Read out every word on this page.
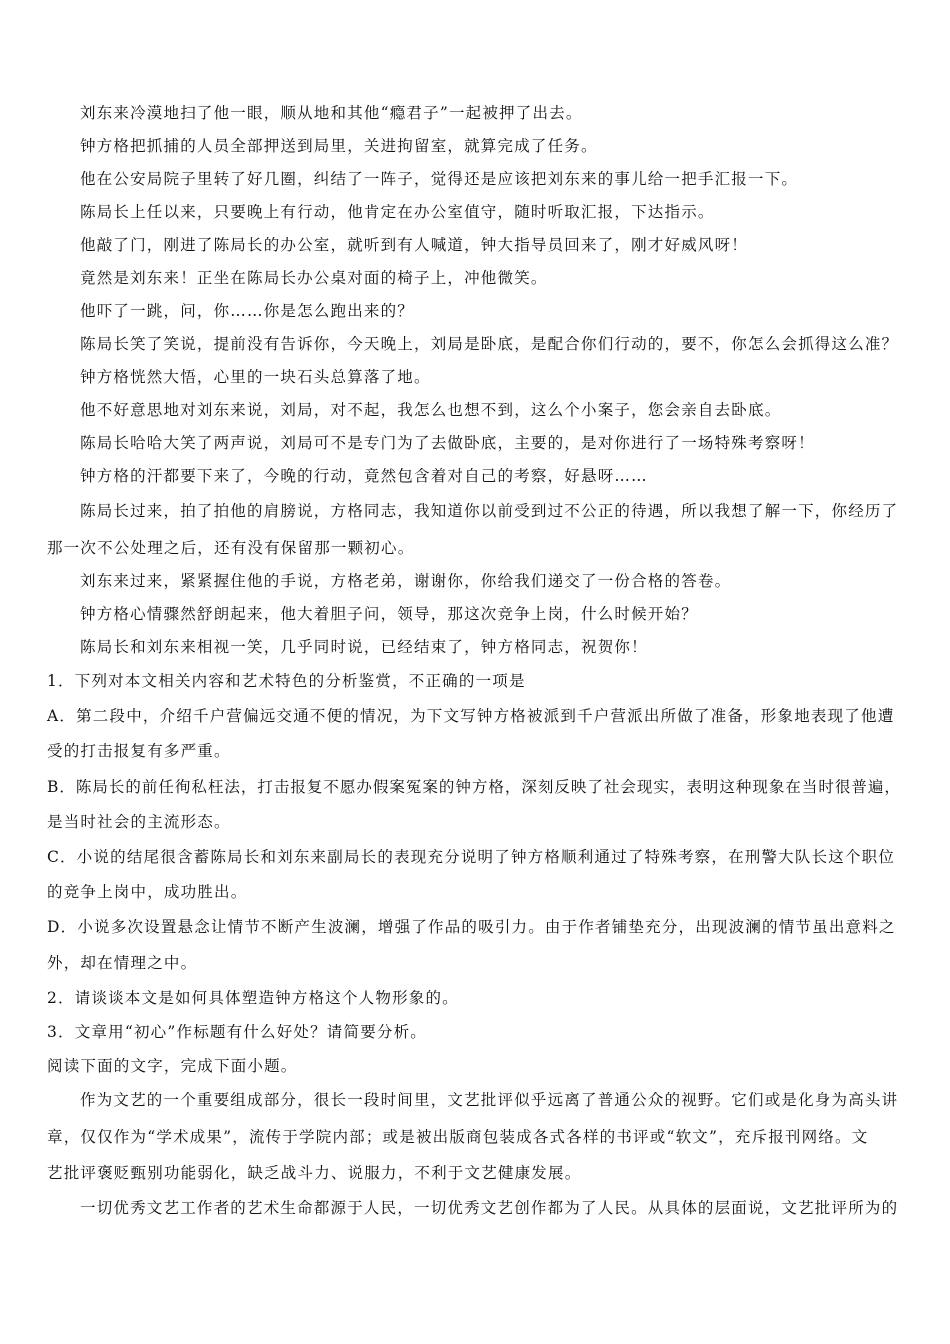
刘东来冷漠地扫了他一眼，顺从地和其他“瘾君子”一起被押了出去。

钟方格把抓捕的人员全部押送到局里，关进拘留室，就算完成了任务。

他在公安局院子里转了好几圈，纠结了一阵子，觉得还是应该把刘东来的事儿给一把手汇报一下。

陈局长上任以来，只要晚上有行动，他肯定在办公室值守，随时听取汇报，下达指示。

他敲了门，刚进了陈局长的办公室，就听到有人喊道，钟大指导员回来了，刚才好威风呀！

竟然是刘东来！正坐在陈局长办公桌对面的椅子上，冲他微笑。

他吓了一跳，问，你……你是怎么跑出来的？

陈局长笑了笑说，提前没有告诉你，今天晚上，刘局是卧底，是配合你们行动的，要不，你怎么会抓得这么准？

钟方格恍然大悟，心里的一块石头总算落了地。

他不好意思地对刘东来说，刘局，对不起，我怎么也想不到，这么个小案子，您会亲自去卧底。

陈局长哈哈大笑了两声说，刘局可不是专门为了去做卧底，主要的，是对你进行了一场特殊考察呀！

钟方格的汗都要下来了，今晚的行动，竟然包含着对自己的考察，好悬呀……

陈局长过来，拍了拍他的肩膀说，方格同志，我知道你以前受到过不公正的待遇，所以我想了解一下，你经历了

那一次不公处理之后，还有没有保留那一颗初心。

刘东来过来，紧紧握住他的手说，方格老弟，谢谢你，你给我们递交了一份合格的答卷。

钟方格心情骤然舒朗起来，他大着胆子问，领导，那这次竞争上岗，什么时候开始？

陈局长和刘东来相视一笑，几乎同时说，已经结束了，钟方格同志，祝贺你！

1．下列对本文相关内容和艺术特色的分析鉴赏，不正确的一项是

A．第二段中，介绍千户营偏远交通不便的情况，为下文写钟方格被派到千户营派出所做了准备，形象地表现了他遭

受的打击报复有多严重。

B．陈局长的前任徇私枉法，打击报复不愿办假案冤案的钟方格，深刻反映了社会现实，表明这种现象在当时很普遍，

是当时社会的主流形态。

C．小说的结尾很含蓄陈局长和刘东来副局长的表现充分说明了钟方格顺利通过了特殊考察，在刑警大队长这个职位

的竞争上岗中，成功胜出。

D．小说多次设置悬念让情节不断产生波澜，增强了作品的吸引力。由于作者铺垫充分，出现波澜的情节虽出意料之

外，却在情理之中。

2．请谈谈本文是如何具体塑造钟方格这个人物形象的。

3．文章用“初心”作标题有什么好处？请简要分析。

阅读下面的文字，完成下面小题。

作为文艺的一个重要组成部分，很长一段时间里，文艺批评似乎远离了普通公众的视野。它们或是化身为高头讲

章，仅仅作为“学术成果”，流传于学院内部；或是被出版商包装成各式各样的书评或“软文”，充斥报刊网络。文

艺批评褒贬甄别功能弱化，缺乏战斗力、说服力，不利于文艺健康发展。

一切优秀文艺工作者的艺术生命都源于人民，一切优秀文艺创作都为了人民。从具体的层面说，文艺批评所为的
